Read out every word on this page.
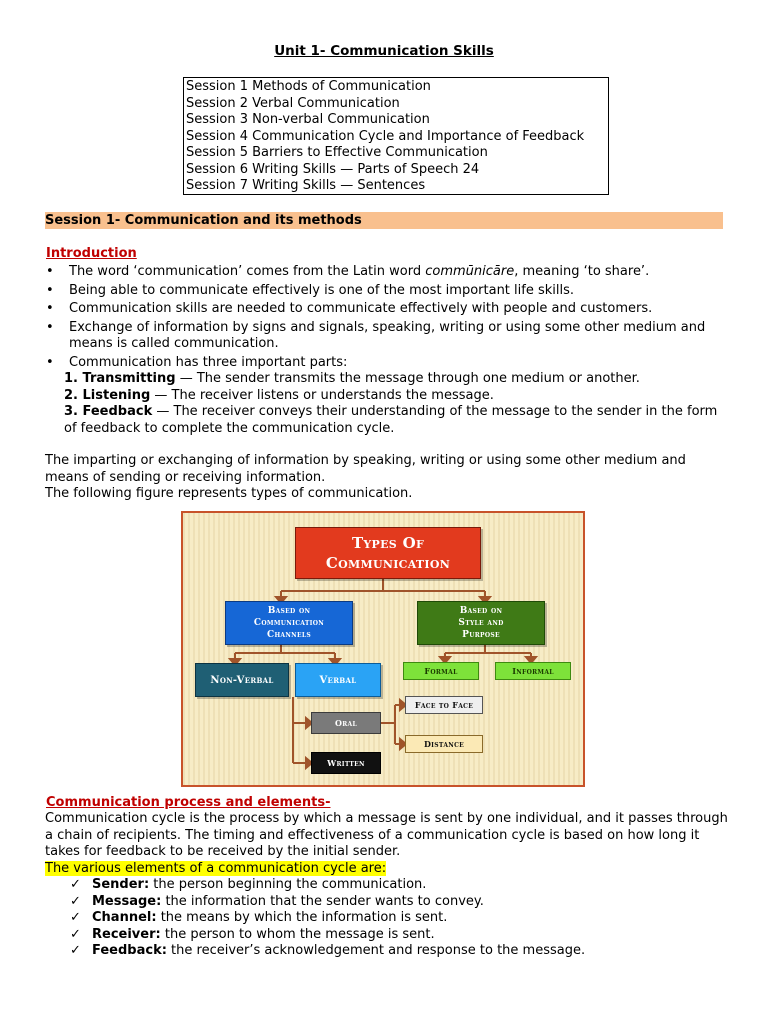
Unit 1- Communication Skills
Session 1 Methods of Communication
Session 2 Verbal Communication
Session 3 Non-verbal Communication
Session 4 Communication Cycle and Importance of Feedback
Session 5 Barriers to Effective Communication
Session 6 Writing Skills — Parts of Speech 24
Session 7 Writing Skills — Sentences
Session 1- Communication and its methods
Introduction
• The word ‘communication’ comes from the Latin word commūnicāre, meaning ‘to share’.
• Being able to communicate effectively is one of the most important life skills.
• Communication skills are needed to communicate effectively with people and customers.
• Exchange of information by signs and signals, speaking, writing or using some other medium and means is called communication.
• Communication has three important parts:
1. Transmitting — The sender transmits the message through one medium or another.
2. Listening — The receiver listens or understands the message.
3. Feedback — The receiver conveys their understanding of the message to the sender in the form
of feedback to complete the communication cycle.
The imparting or exchanging of information by speaking, writing or using some other medium and means of sending or receiving information.
The following figure represents types of communication.
Types Of
Communication
Based on
Communication
Channels
Based on
Style and
Purpose
Non-Verbal	Verbal
Formal	Informal
Oral
Written
Face to Face
Distance
Communication process and elements-
Communication cycle is the process by which a message is sent by one individual, and it passes through a chain of recipients. The timing and effectiveness of a communication cycle is based on how long it takes for feedback to be received by the initial sender.
The various elements of a communication cycle are:
✓ Sender: the person beginning the communication.
✓ Message: the information that the sender wants to convey.
✓ Channel: the means by which the information is sent.
✓ Receiver: the person to whom the message is sent.
✓ Feedback: the receiver’s acknowledgement and response to the message.
